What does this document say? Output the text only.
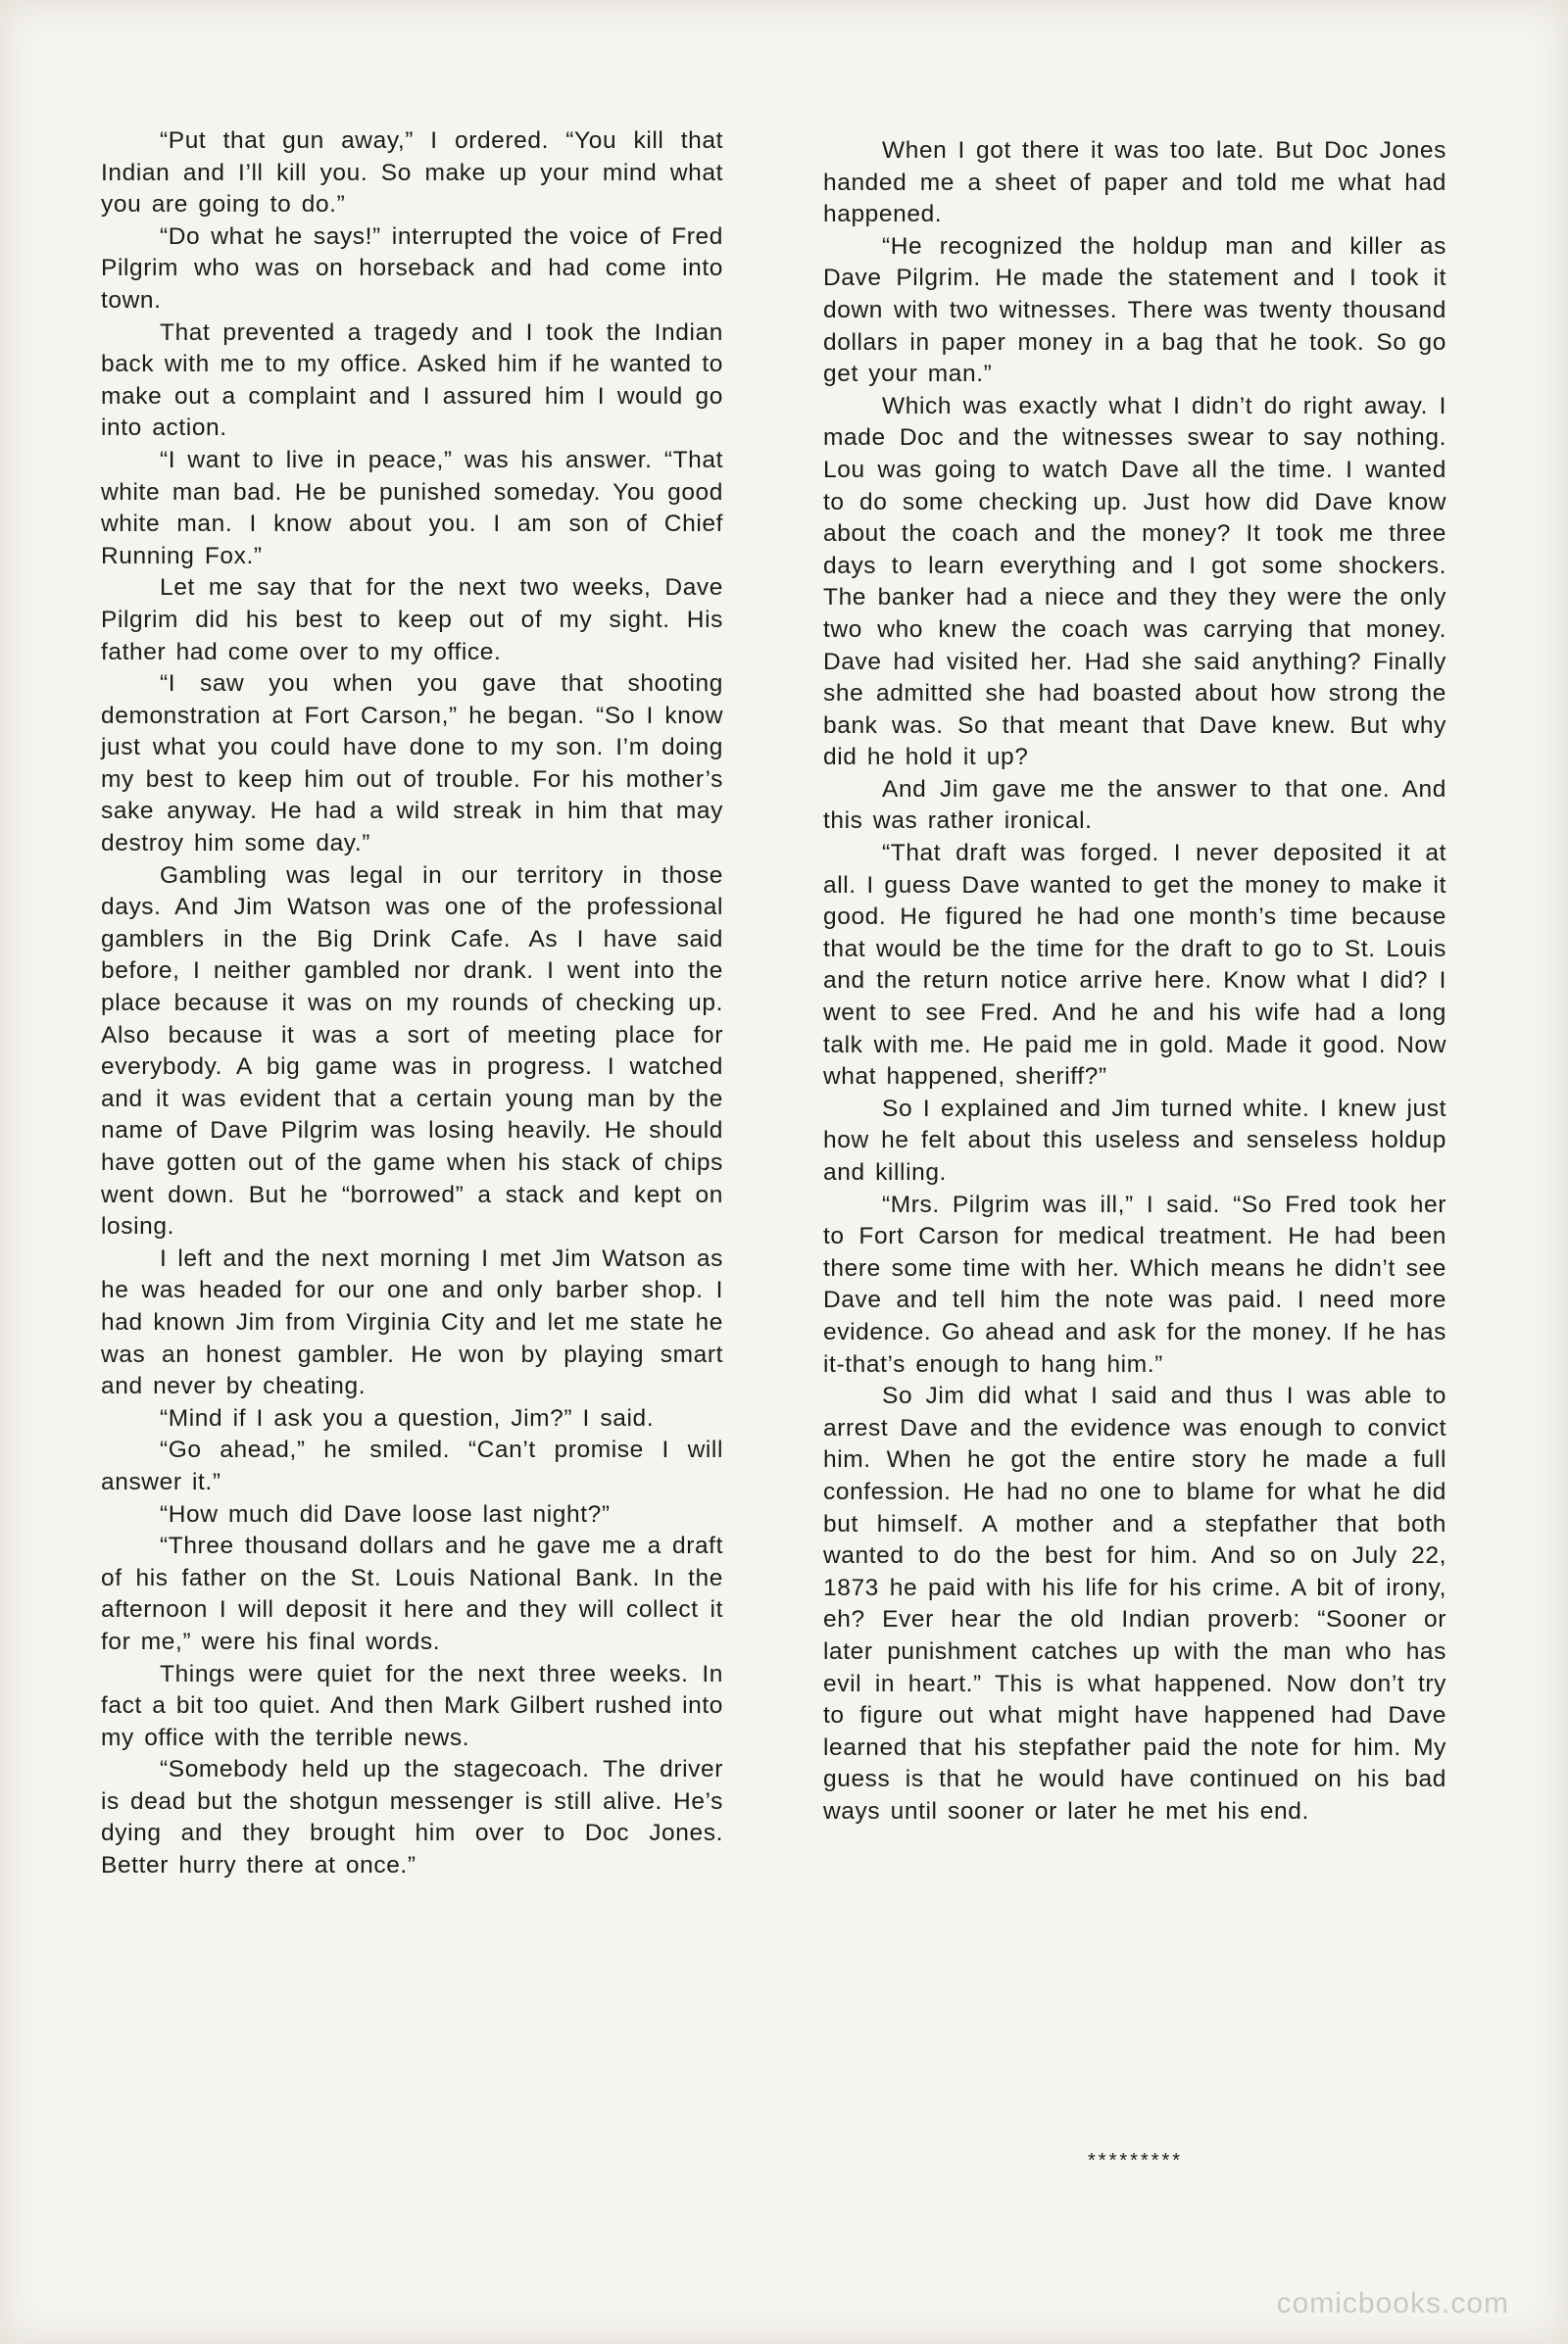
“Put that gun away,” I ordered. “You kill that Indian and I’ll kill you. So make up your mind what you are going to do.”

“Do what he says!” interrupted the voice of Fred Pilgrim who was on horseback and had come into town.

That prevented a tragedy and I took the Indian back with me to my office. Asked him if he wanted to make out a complaint and I assured him I would go into action.

“I want to live in peace,” was his answer. “That white man bad. He be punished someday. You good white man. I know about you. I am son of Chief Running Fox.”

Let me say that for the next two weeks, Dave Pilgrim did his best to keep out of my sight. His father had come over to my office.

“I saw you when you gave that shooting demonstration at Fort Carson,” he began. “So I know just what you could have done to my son. I’m doing my best to keep him out of trouble. For his mother’s sake anyway. He had a wild streak in him that may destroy him some day.”

Gambling was legal in our territory in those days. And Jim Watson was one of the professional gamblers in the Big Drink Cafe. As I have said before, I neither gambled nor drank. I went into the place because it was on my rounds of checking up. Also because it was a sort of meeting place for everybody. A big game was in progress. I watched and it was evident that a certain young man by the name of Dave Pilgrim was losing heavily. He should have gotten out of the game when his stack of chips went down. But he “borrowed” a stack and kept on losing.

I left and the next morning I met Jim Watson as he was headed for our one and only barber shop. I had known Jim from Virginia City and let me state he was an honest gambler. He won by playing smart and never by cheating.

“Mind if I ask you a question, Jim?” I said.

“Go ahead,” he smiled. “Can’t promise I will answer it.”

“How much did Dave loose last night?”

“Three thousand dollars and he gave me a draft of his father on the St. Louis National Bank. In the afternoon I will deposit it here and they will collect it for me,” were his final words.

Things were quiet for the next three weeks. In fact a bit too quiet. And then Mark Gilbert rushed into my office with the terrible news.

“Somebody held up the stagecoach. The driver is dead but the shotgun messenger is still alive. He’s dying and they brought him over to Doc Jones. Better hurry there at once.”

When I got there it was too late. But Doc Jones handed me a sheet of paper and told me what had happened.

“He recognized the holdup man and killer as Dave Pilgrim. He made the statement and I took it down with two witnesses. There was twenty thousand dollars in paper money in a bag that he took. So go get your man.”

Which was exactly what I didn’t do right away. I made Doc and the witnesses swear to say nothing. Lou was going to watch Dave all the time. I wanted to do some checking up. Just how did Dave know about the coach and the money? It took me three days to learn everything and I got some shockers. The banker had a niece and they they were the only two who knew the coach was carrying that money. Dave had visited her. Had she said anything? Finally she admitted she had boasted about how strong the bank was. So that meant that Dave knew. But why did he hold it up?

And Jim gave me the answer to that one. And this was rather ironical.

“That draft was forged. I never deposited it at all. I guess Dave wanted to get the money to make it good. He figured he had one month’s time because that would be the time for the draft to go to St. Louis and the return notice arrive here. Know what I did? I went to see Fred. And he and his wife had a long talk with me. He paid me in gold. Made it good. Now what happened, sheriff?”

So I explained and Jim turned white. I knew just how he felt about this useless and senseless holdup and killing.

“Mrs. Pilgrim was ill,” I said. “So Fred took her to Fort Carson for medical treatment. He had been there some time with her. Which means he didn’t see Dave and tell him the note was paid. I need more evidence. Go ahead and ask for the money. If he has it-that’s enough to hang him.”

So Jim did what I said and thus I was able to arrest Dave and the evidence was enough to convict him. When he got the entire story he made a full confession. He had no one to blame for what he did but himself. A mother and a stepfather that both wanted to do the best for him. And so on July 22, 1873 he paid with his life for his crime. A bit of irony, eh? Ever hear the old Indian proverb: “Sooner or later punishment catches up with the man who has evil in heart.” This is what happened. Now don’t try to figure out what might have happened had Dave learned that his stepfather paid the note for him. My guess is that he would have continued on his bad ways until sooner or later he met his end.

*********
comicbooks.com
